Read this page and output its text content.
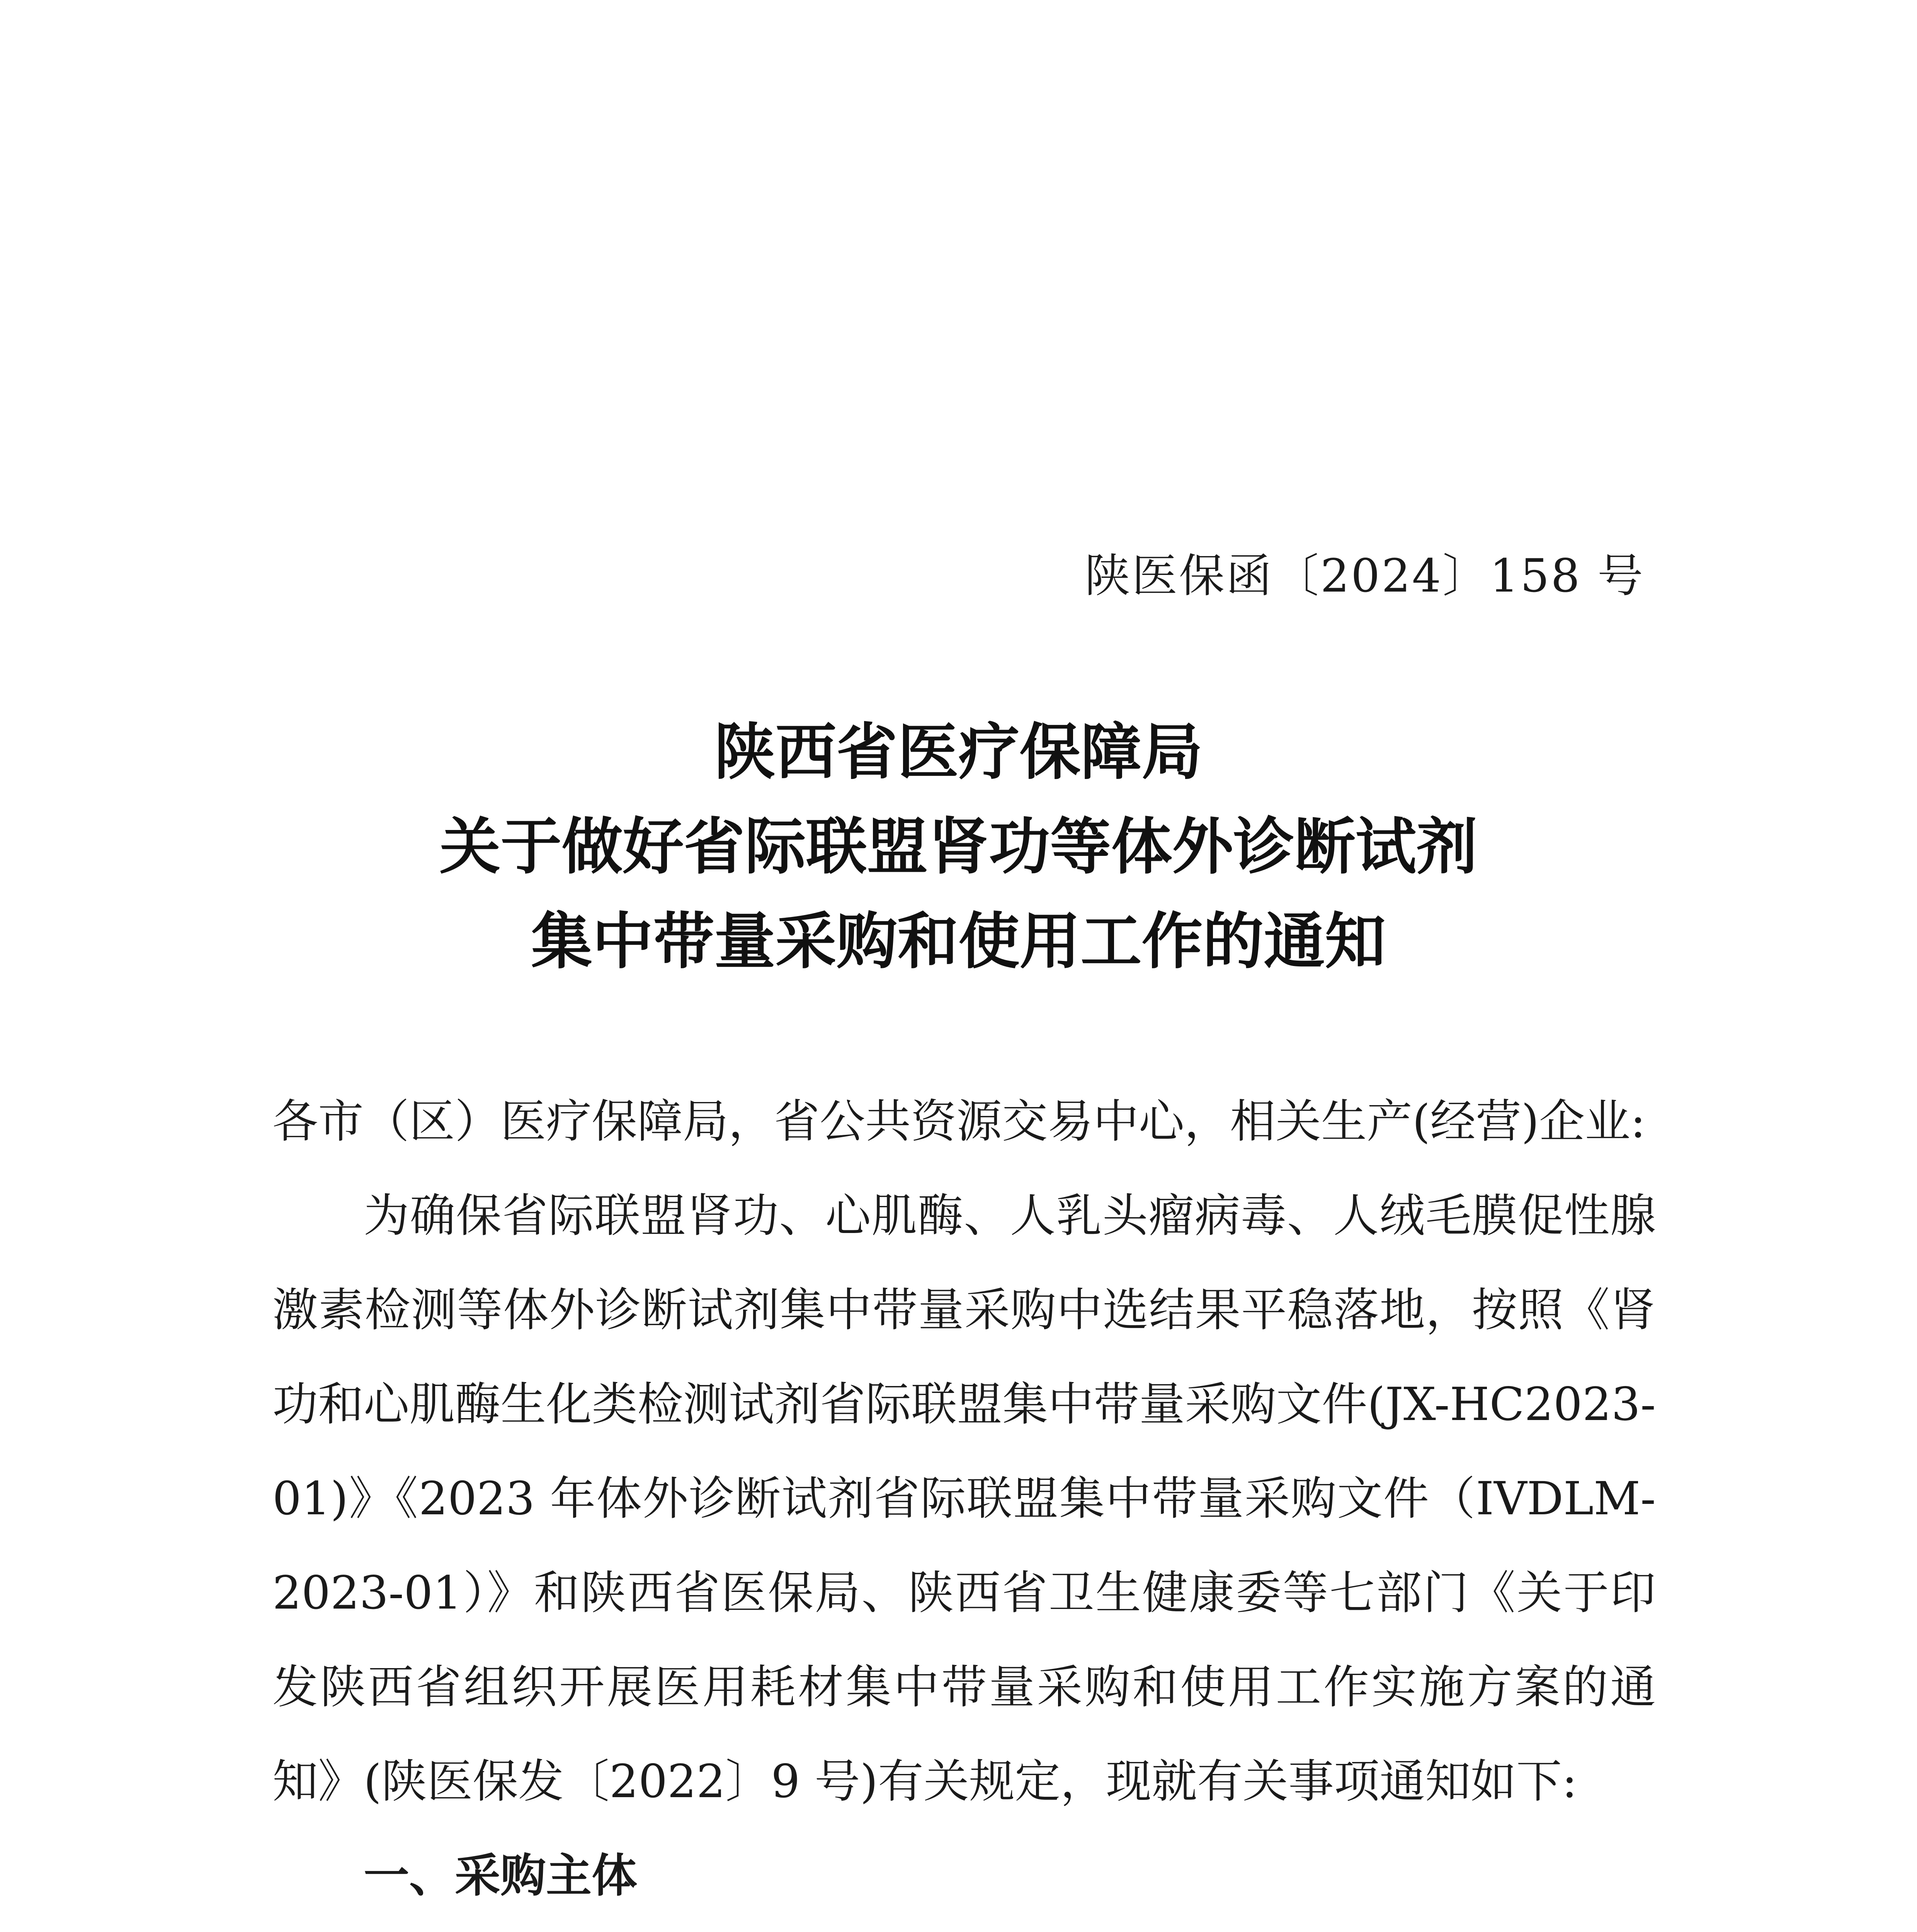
陕医保函〔2024〕158 号
陕西省医疗保障局
关于做好省际联盟肾功等体外诊断试剂
集中带量采购和使用工作的通知

各市（区）医疗保障局，省公共资源交易中心，相关生产(经营)企业:

为确保省际联盟肾功、心肌酶、人乳头瘤病毒、人绒毛膜促性腺激素检测等体外诊断试剂集中带量采购中选结果平稳落地，按照《肾功和心肌酶生化类检测试剂省际联盟集中带量采购文件(JX-HC2023-01)》《2023 年体外诊断试剂省际联盟集中带量采购文件（IVDLM-2023-01）》和陕西省医保局、陕西省卫生健康委等七部门《关于印发陕西省组织开展医用耗材集中带量采购和使用工作实施方案的通知》(陕医保发〔2022〕9 号)有关规定，现就有关事项通知如下:

一、采购主体
